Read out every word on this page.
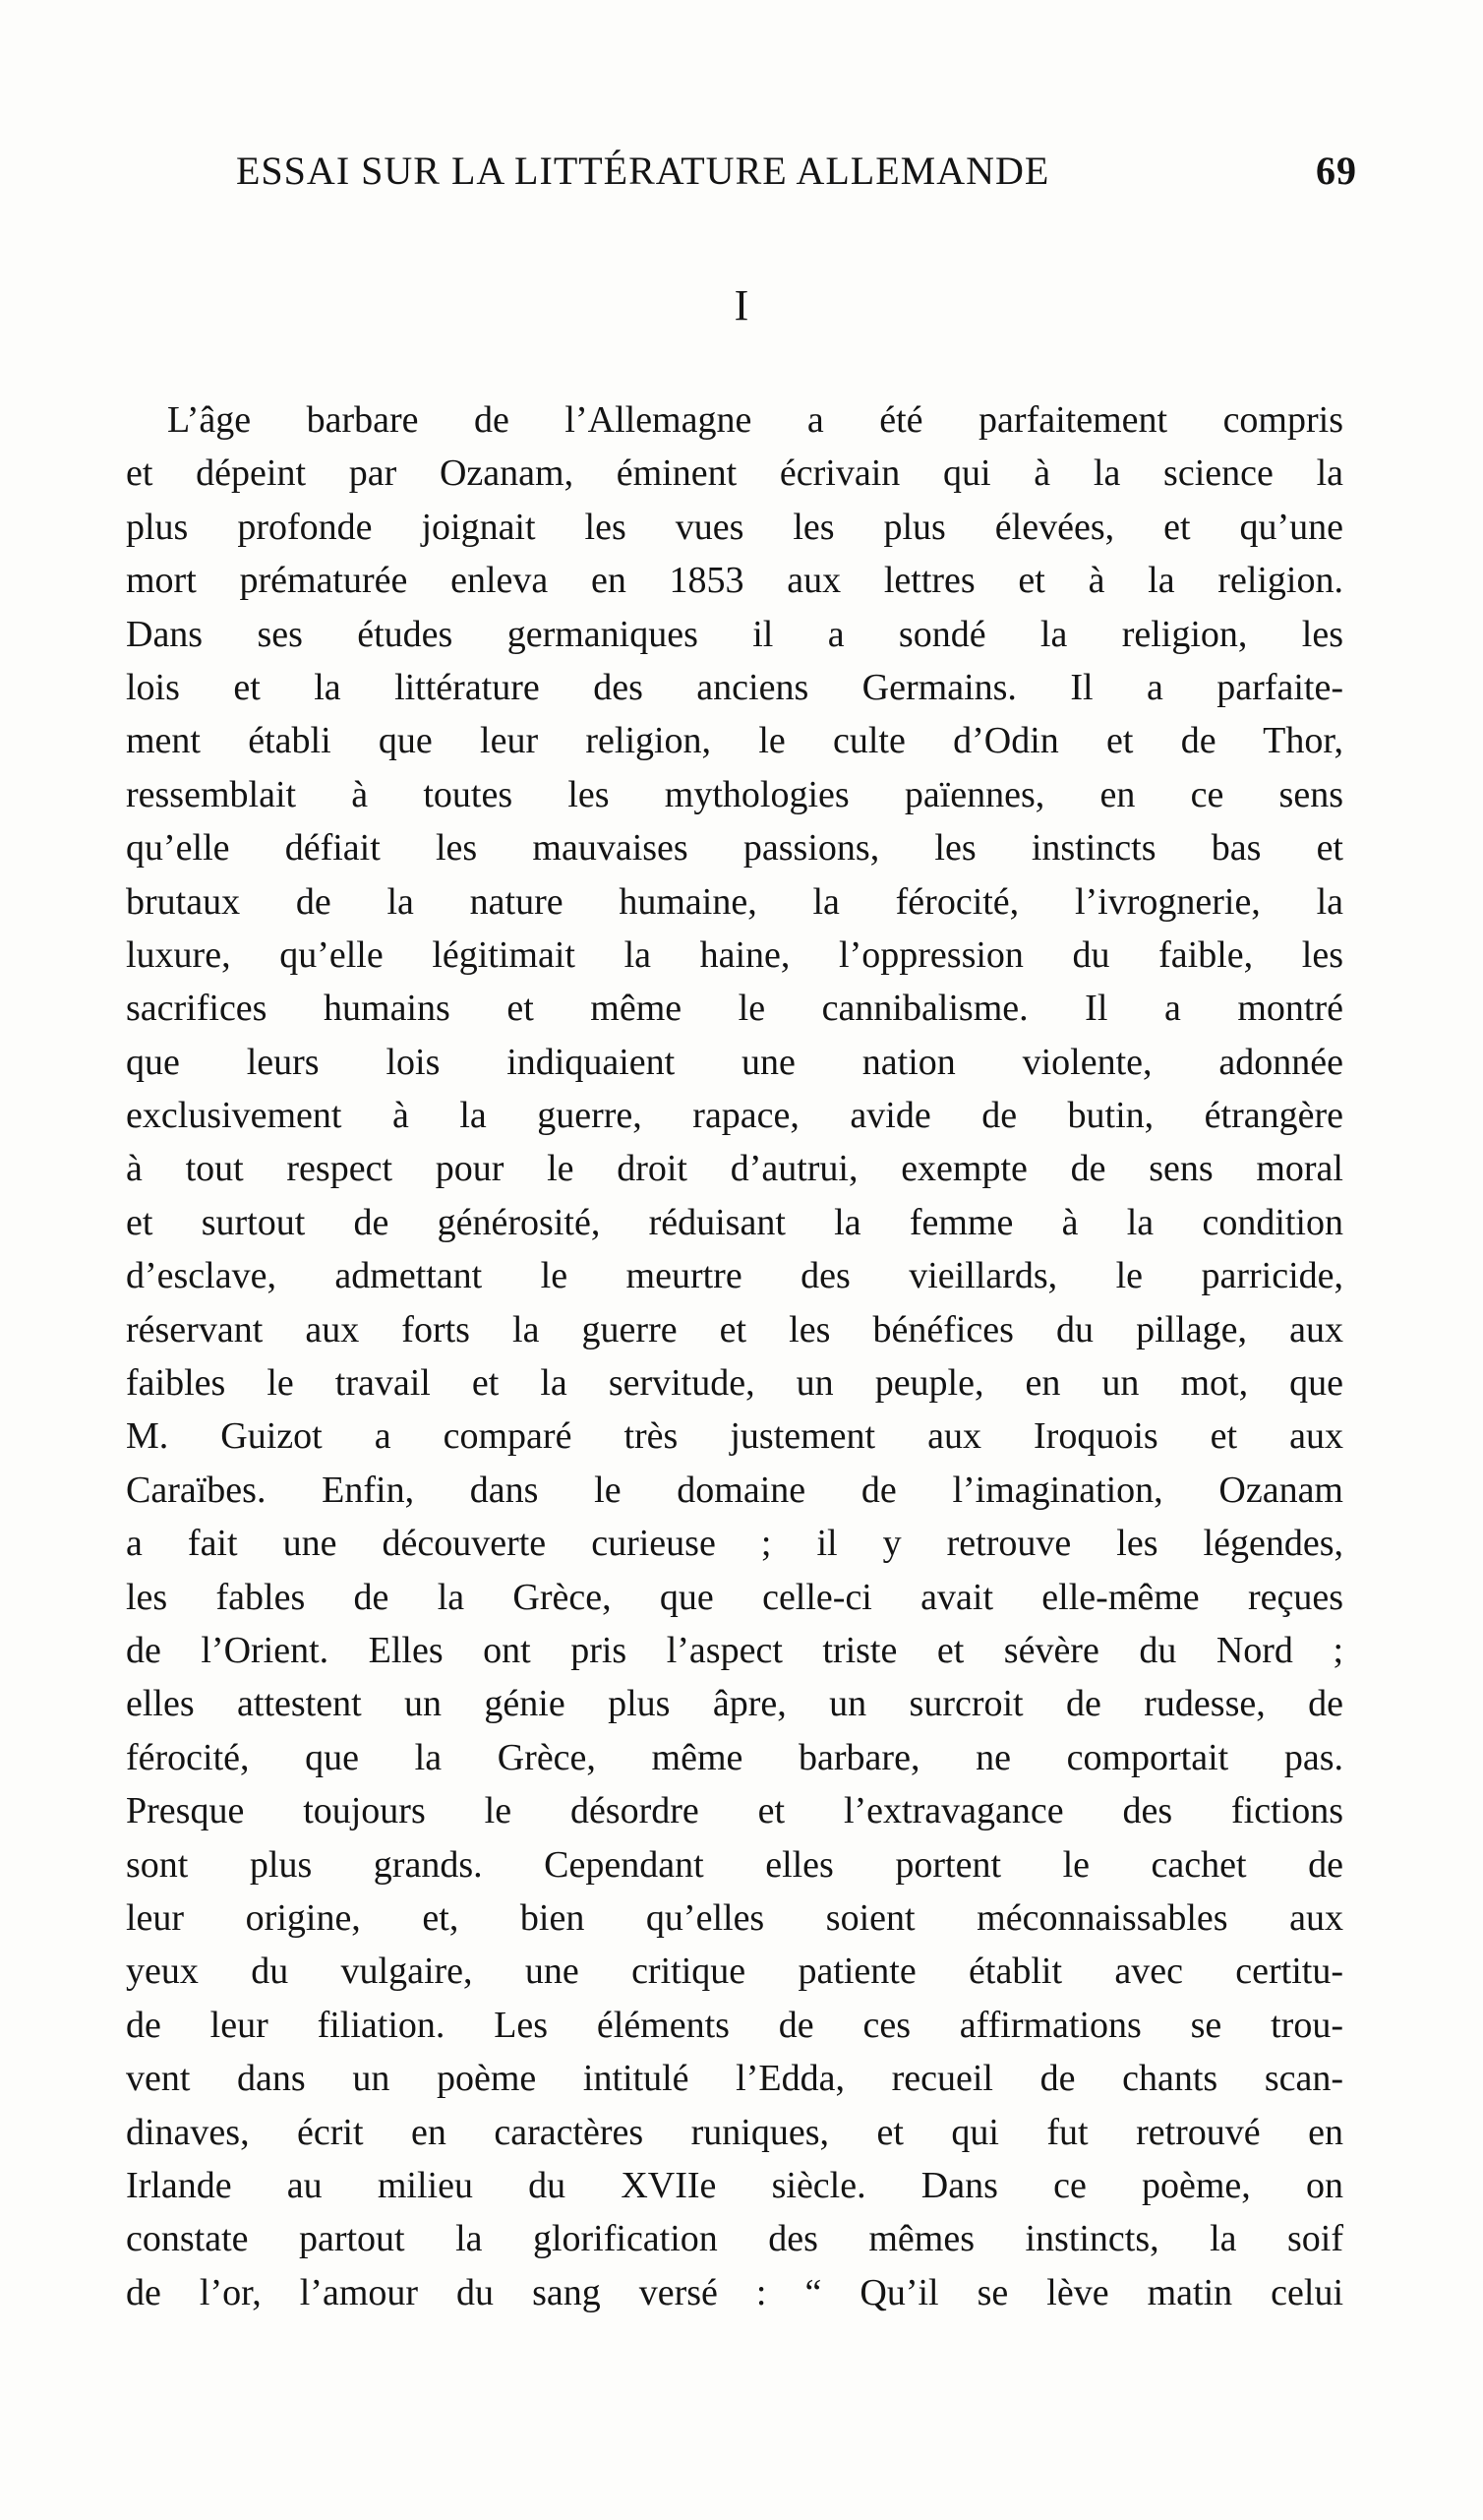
ESSAI SUR LA LITTÉRATURE ALLEMANDE	69
I
L’âge barbare de l’Allemagne a été parfaitement compris
et dépeint par Ozanam, éminent écrivain qui à la science la
plus profonde joignait les vues les plus élevées, et qu’une
mort prématurée enleva en 1853 aux lettres et à la religion.
Dans ses études germaniques il a sondé la religion, les
lois et la littérature des anciens Germains. Il a parfaite-
ment établi que leur religion, le culte d’Odin et de Thor,
ressemblait à toutes les mythologies païennes, en ce sens
qu’elle défiait les mauvaises passions, les instincts bas et
brutaux de la nature humaine, la férocité, l’ivrognerie, la
luxure, qu’elle légitimait la haine, l’oppression du faible, les
sacrifices humains et même le cannibalisme. Il a montré
que leurs lois indiquaient une nation violente, adonnée
exclusivement à la guerre, rapace, avide de butin, étrangère
à tout respect pour le droit d’autrui, exempte de sens moral
et surtout de générosité, réduisant la femme à la condition
d’esclave, admettant le meurtre des vieillards, le parricide,
réservant aux forts la guerre et les bénéfices du pillage, aux
faibles le travail et la servitude, un peuple, en un mot, que
M. Guizot a comparé très justement aux Iroquois et aux
Caraïbes. Enfin, dans le domaine de l’imagination, Ozanam
a fait une découverte curieuse ; il y retrouve les légendes,
les fables de la Grèce, que celle-ci avait elle-même reçues
de l’Orient. Elles ont pris l’aspect triste et sévère du Nord ;
elles attestent un génie plus âpre, un surcroit de rudesse, de
férocité, que la Grèce, même barbare, ne comportait pas.
Presque toujours le désordre et l’extravagance des fictions
sont plus grands. Cependant elles portent le cachet de
leur origine, et, bien qu’elles soient méconnaissables aux
yeux du vulgaire, une critique patiente établit avec certitu-
de leur filiation. Les éléments de ces affirmations se trou-
vent dans un poème intitulé l’Edda, recueil de chants scan-
dinaves, écrit en caractères runiques, et qui fut retrouvé en
Irlande au milieu du XVIIe siècle. Dans ce poème, on
constate partout la glorification des mêmes instincts, la soif
de l’or, l’amour du sang versé : “ Qu’il se lève matin celui
